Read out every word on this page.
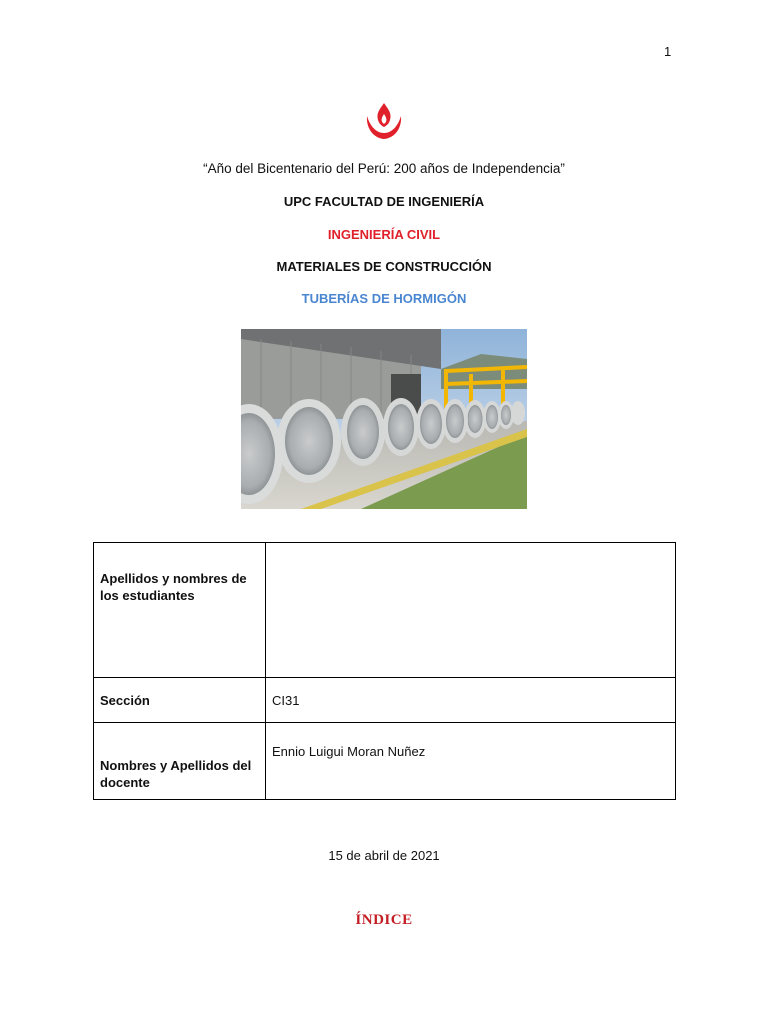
1
“Año del Bicentenario del Perú: 200 años de Independencia”
UPC FACULTAD DE INGENIERÍA
INGENIERÍA CIVIL
MATERIALES DE CONSTRUCCIÓN
TUBERÍAS DE HORMIGÓN
Apellidos y nombres de los estudiantes	
Sección	CI31
Nombres y Apellidos del docente	Ennio Luigui Moran Nuñez
15 de abril de 2021
ÍNDICE
